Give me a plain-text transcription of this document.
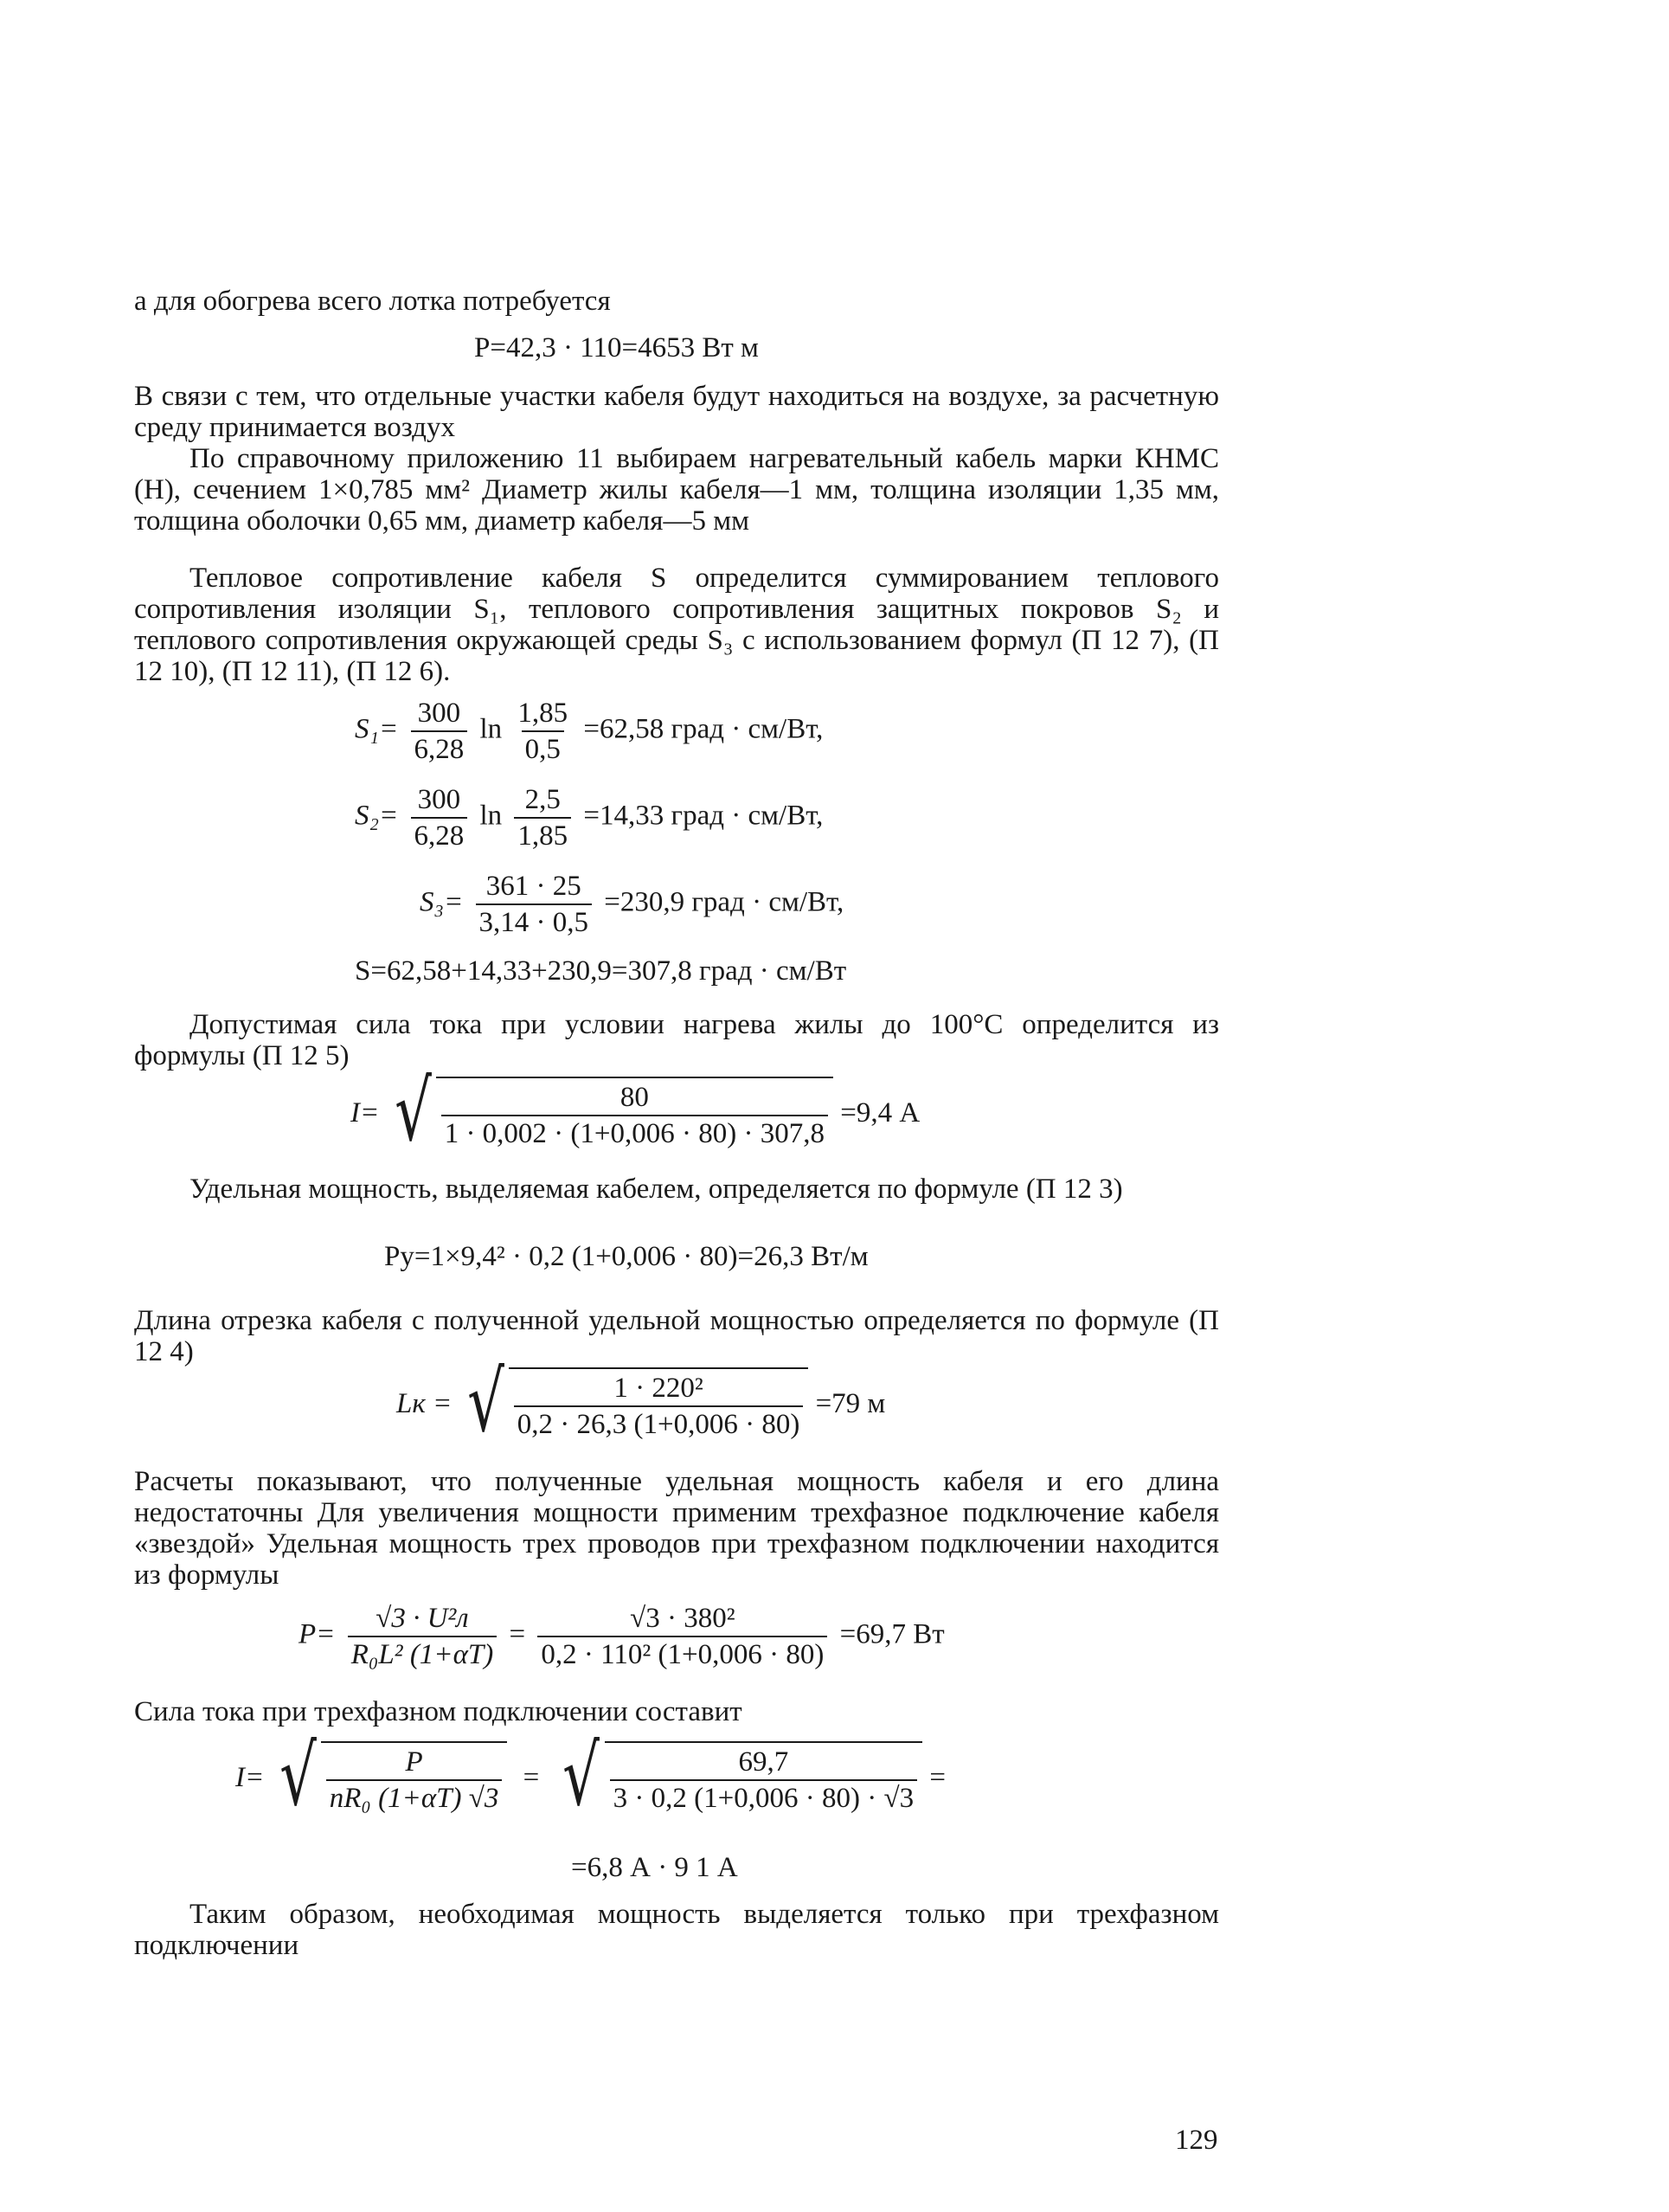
а для обогрева всего лотка потребуется

P=42,3 · 110=4653 Вт м

В связи с тем, что отдельные участки кабеля будут находиться на воздухе, за расчетную среду принимается воздух

По справочному приложению 11 выбираем нагревательный кабель марки КНМС (Н), сечением 1×0,785 мм² Диаметр жилы кабеля—1 мм, толщина изоляции 1,35 мм, толщина оболочки 0,65 мм, диаметр кабеля—5 мм

Тепловое сопротивление кабеля S определится суммированием теплового сопротивления изоляции S₁, теплового сопротивления защитных покровов S₂ и теплового сопротивления окружающей среды S₃ с использованием формул (П 12 7), (П 12 10), (П 12 11), (П 12 6).

$S_1= \frac{300}{6,28}$ $\ln \frac{1,85}{0,5} =62,58$ град · см/Вт,
$S_2= \frac{300}{6,28}$ $\ln \frac{2,5}{1,85} =14,33$ град · см/Вт,
$S_3= \frac{361 \cdot 25}{3,14 \cdot 0,5} =230,9$ град · см/Вт,
S=62,58+14,33+230,9=307,8 град · см/Вт

Допустимая сила тока при условии нагрева жилы до 100°С определится из формулы (П 12 5)

I= √ $\frac{80}{1 \cdot 0,002 \cdot (1+0,006 \cdot 80) \cdot 307,8} =9,4$ А

Удельная мощность, выделяемая кабелем, определяется по формуле (П 12 3)

Pу=1×9,4² · 0,2 (1+0,006 · 80)=26,3 Вт/м

Длина отрезка кабеля с полученной удельной мощностью определяется по формуле (П 12 4)

Lк = √ $\frac{\text{1 · 220²}}{0,2 \cdot 26,3 (1+0,006 \cdot 80)} =79$ м

Расчеты показывают, что полученные удельная мощность кабеля и его длина недостаточны Для увеличения мощности применим трехфазное подключение кабеля «звездой» Удельная мощность трех проводов при трехфазном подключении находится из формулы

$P= \frac{\text{√3 · U²л}}{\text{R₀L² (1+αT)}} = \frac{\text{√3 · 380²}}{\text{0,2 · 110² (1+0,006 · 80)}} =69,7$ Вт

Сила тока при трехфазном подключении составит

I= √ $\frac{P}{\text{nR₀ (1+αT) √3}}$ = √ $\frac{69,7}{3 \cdot 0,2 (1+0,006 \cdot 80) \cdot √3}$ =
=6,8 А · 9 1 А

Таким образом, необходимая мощность выделяется только при трехфазном подключении

129
